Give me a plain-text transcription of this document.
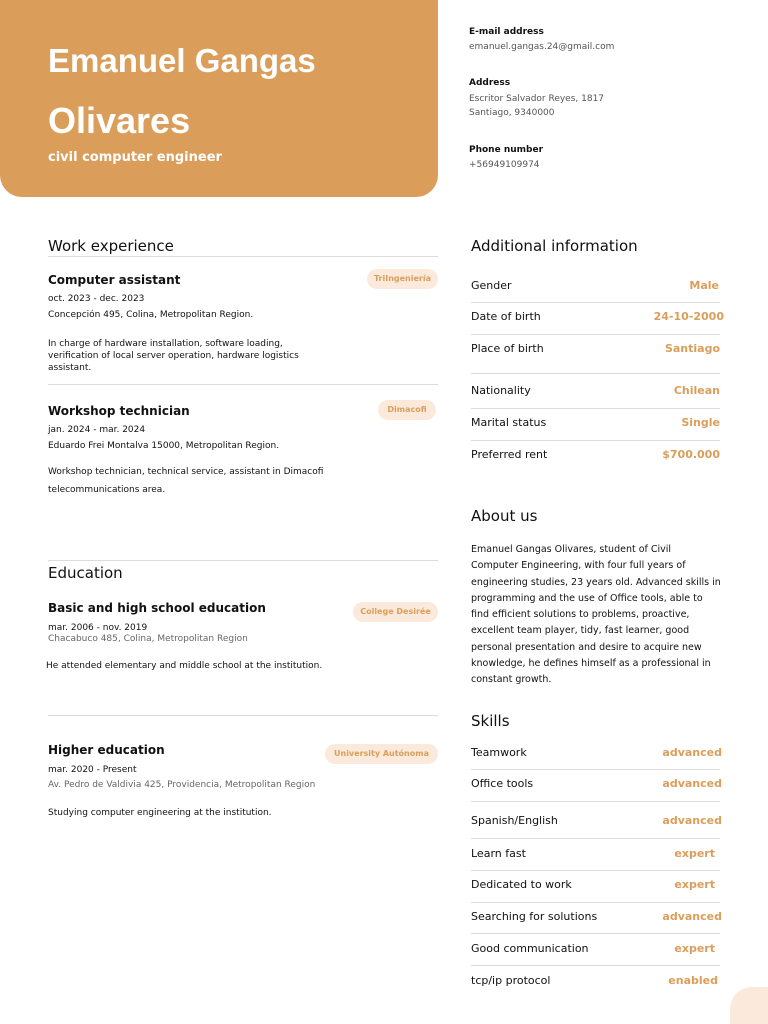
Emanuel Gangas
Olivares
civil computer engineer
E-mail address
emanuel.gangas.24@gmail.com
Address
Escritor Salvador Reyes, 1817
Santiago, 9340000
Phone number
+56949109974
Work experience
Computer assistant	TriIngeniería
oct. 2023 - dec. 2023
Concepción 495, Colina, Metropolitan Region.
In charge of hardware installation, software loading, verification of local server operation, hardware logistics assistant.
Workshop technician	Dimacofi
jan. 2024 - mar. 2024
Eduardo Frei Montalva 15000, Metropolitan Region.
Workshop technician, technical service, assistant in Dimacofi telecommunications area.
Education
Basic and high school education	College Desirée
mar. 2006 - nov. 2019
Chacabuco 485, Colina, Metropolitan Region
He attended elementary and middle school at the institution.
Higher education	University Autónoma
mar. 2020 - Present
Av. Pedro de Valdivia 425, Providencia, Metropolitan Region
Studying computer engineering at the institution.
Additional information
Gender	Male
Date of birth	24-10-2000
Place of birth	Santiago
Nationality	Chilean
Marital status	Single
Preferred rent	$700.000
About us
Emanuel Gangas Olivares, student of Civil Computer Engineering, with four full years of engineering studies, 23 years old. Advanced skills in programming and the use of Office tools, able to find efficient solutions to problems, proactive, excellent team player, tidy, fast learner, good personal presentation and desire to acquire new knowledge, he defines himself as a professional in constant growth.
Skills
Teamwork	advanced
Office tools	advanced
Spanish/English	advanced
Learn fast	expert
Dedicated to work	expert
Searching for solutions	advanced
Good communication	expert
tcp/ip protocol	enabled
